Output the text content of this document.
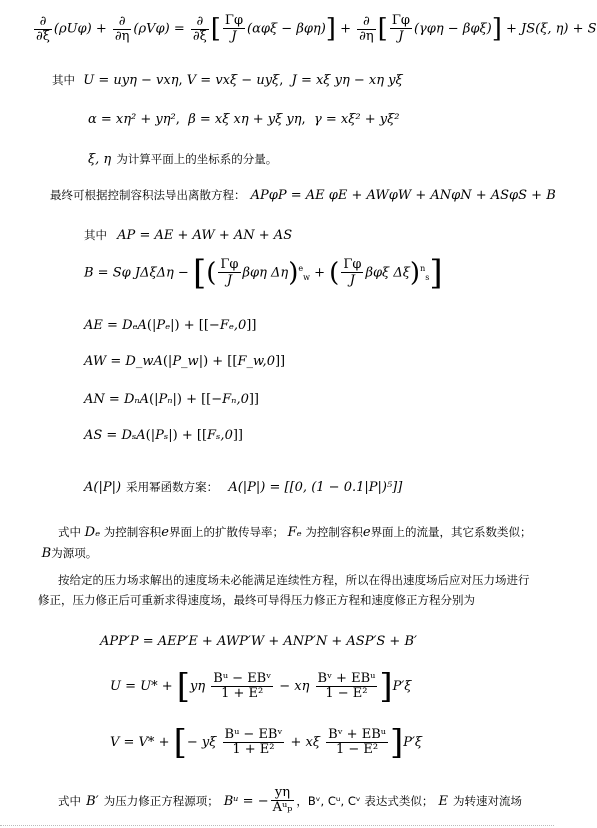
$\frac{\partial}{\partial\xi} (\rho U\varphi) + \frac{\partial}{\partial\eta} (\rho V\varphi) = \frac{\partial}{\partial\xi}$ [ $\frac{\Gamma\varphi}{J} (\alpha\varphi\xi - \beta\varphi\eta)] + \frac{\partial}{\partial\eta}$ [ $\frac{\Gamma\varphi}{J} (\gamma\varphi\eta - \beta\varphi\xi)] + JS(\xi$, η) + S
其中 U = uyη − vxη, V = vxξ − uyξ,  J = xξ yη − xη yξ
α = xη² + yη²,  β = xξ xη + yξ yη,  γ = xξ² + yξ²
ξ, η 为计算平面上的坐标系的分量。
最终可根据控制容积法导出离散方程： APφP = AE φE + AWφW + ANφN + ASφS + B
其中 AP = AE + AW + AN + AS
B = Sφ JΔξΔη − [( $\frac{\Gamma\varphi}{J}$ βφη Δη)$^e_w$ + ( $\frac{\Gamma\varphi}{J}$ βφξ Δξ)$^n_s$]
AE = DₑA(|Pₑ|) + [[−Fₑ,0]]
AW = D_wA(|P_w|) + [[F_w,0]]
AN = DₙA(|Pₙ|) + [[−Fₙ,0]]
AS = DₛA(|Pₛ|) + [[Fₛ,0]]
A(|P|) 采用幂函数方案： A(|P|) = [[0, (1 − 0.1|P|)⁵]]
式中 Dₑ 为控制容积e界面上的扩散传导率； Fₑ 为控制容积e界面上的流量，其它系数类似；  B为源项。
按给定的压力场求解出的速度场未必能满足连续性方程，所以在得出速度场后应对压力场进行修正，压力修正后可重新求得速度场，最终可导得压力修正方程和速度修正方程分别为
APP′P = AEP′E + AWP′W + ANP′N + ASP′S + B′
$U = U* + [y\eta \frac{\text{Bᵘ − EBᵛ}}{\text{1 + E²}} - x\eta \frac{\text{Bᵛ + EBᵘ}}{\text{1 − E²}} ]P'\xi$
V = V* + [− yξ $\frac{\text{Bᵘ − EBᵛ}}{\text{1 + E²}} + x\xi \frac{\text{Bᵛ + EBᵘ}}{\text{1 − E²}} ]P'\xi$
式中 B′ 为压力修正方程源项； Bᵘ = − $\frac{y\eta}{\text{Aᵘₚ}}$ ，Bᵛ, Cᵘ, Cᵛ 表达式类似； E 为转速对流场
